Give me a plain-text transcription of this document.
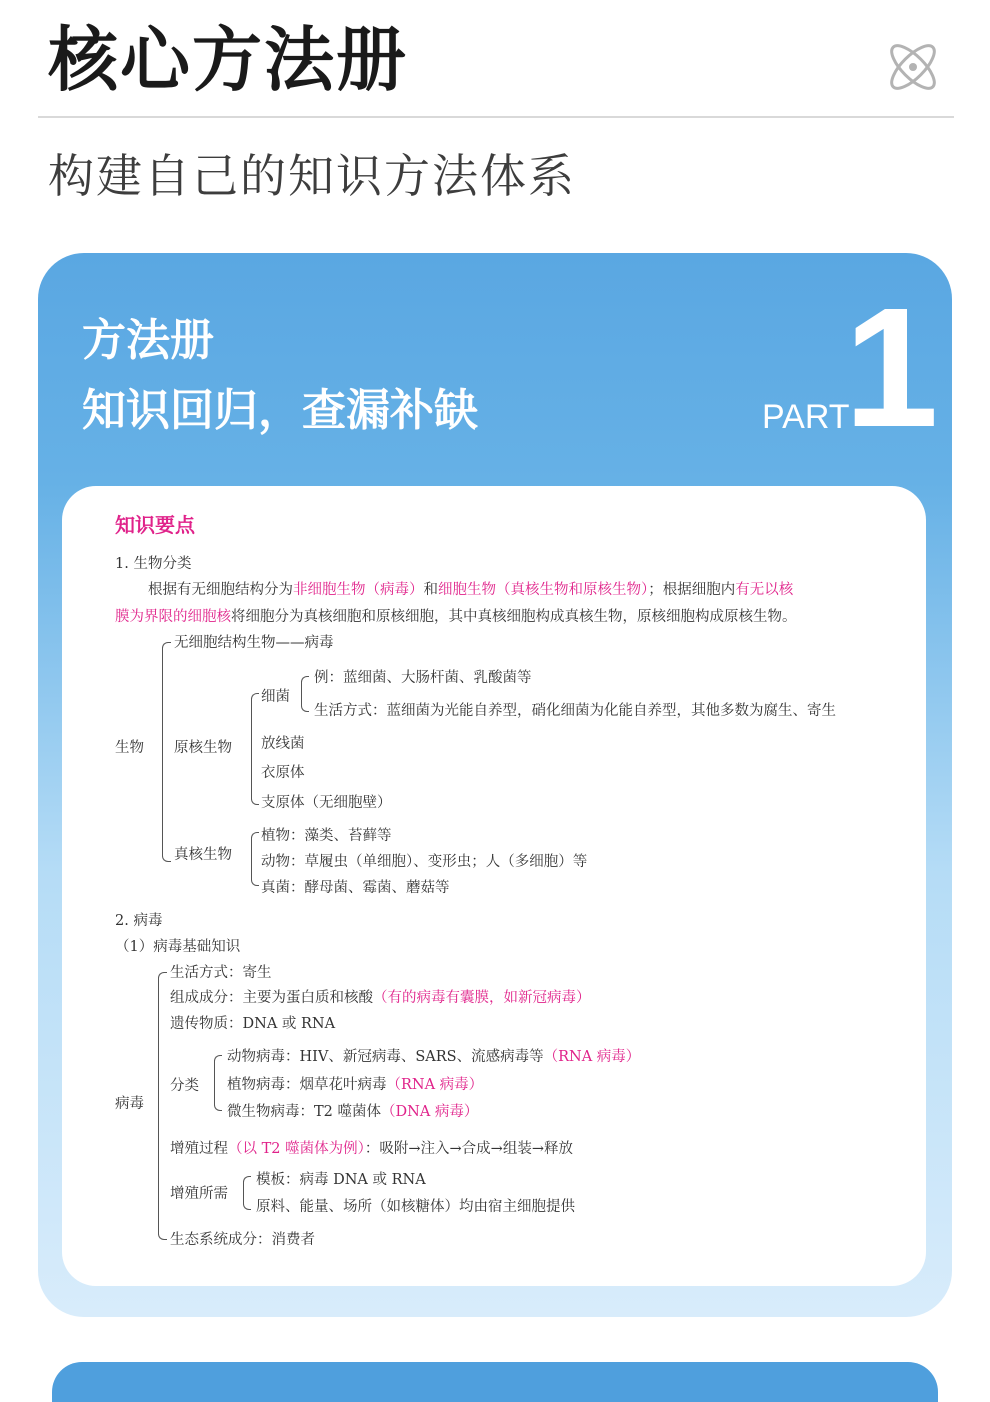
核心方法册
构建自己的知识方法体系
方法册
知识回归，查漏补缺	PART
1
知识要点
1. 生物分类
根据有无细胞结构分为非细胞生物（病毒）和细胞生物（真核生物和原核生物）；根据细胞内有无以核
膜为界限的细胞核将细胞分为真核细胞和原核细胞，其中真核细胞构成真核生物，原核细胞构成原核生物。
生物
无细胞结构生物——病毒
原核生物
细菌
例：蓝细菌、大肠杆菌、乳酸菌等
生活方式：蓝细菌为光能自养型，硝化细菌为化能自养型，其他多数为腐生、寄生
放线菌
衣原体
支原体（无细胞壁）
真核生物
植物：藻类、苔藓等
动物：草履虫（单细胞）、变形虫；人（多细胞）等
真菌：酵母菌、霉菌、蘑菇等
2. 病毒
（1）病毒基础知识
病毒
生活方式：寄生
组成成分：主要为蛋白质和核酸（有的病毒有囊膜，如新冠病毒）
遗传物质：DNA 或 RNA
分类
动物病毒：HIV、新冠病毒、SARS、流感病毒等（RNA 病毒）
植物病毒：烟草花叶病毒（RNA 病毒）
微生物病毒：T2 噬菌体（DNA 病毒）
增殖过程（以 T2 噬菌体为例）：吸附→注入→合成→组装→释放
增殖所需
模板：病毒 DNA 或 RNA
原料、能量、场所（如核糖体）均由宿主细胞提供
生态系统成分：消费者
